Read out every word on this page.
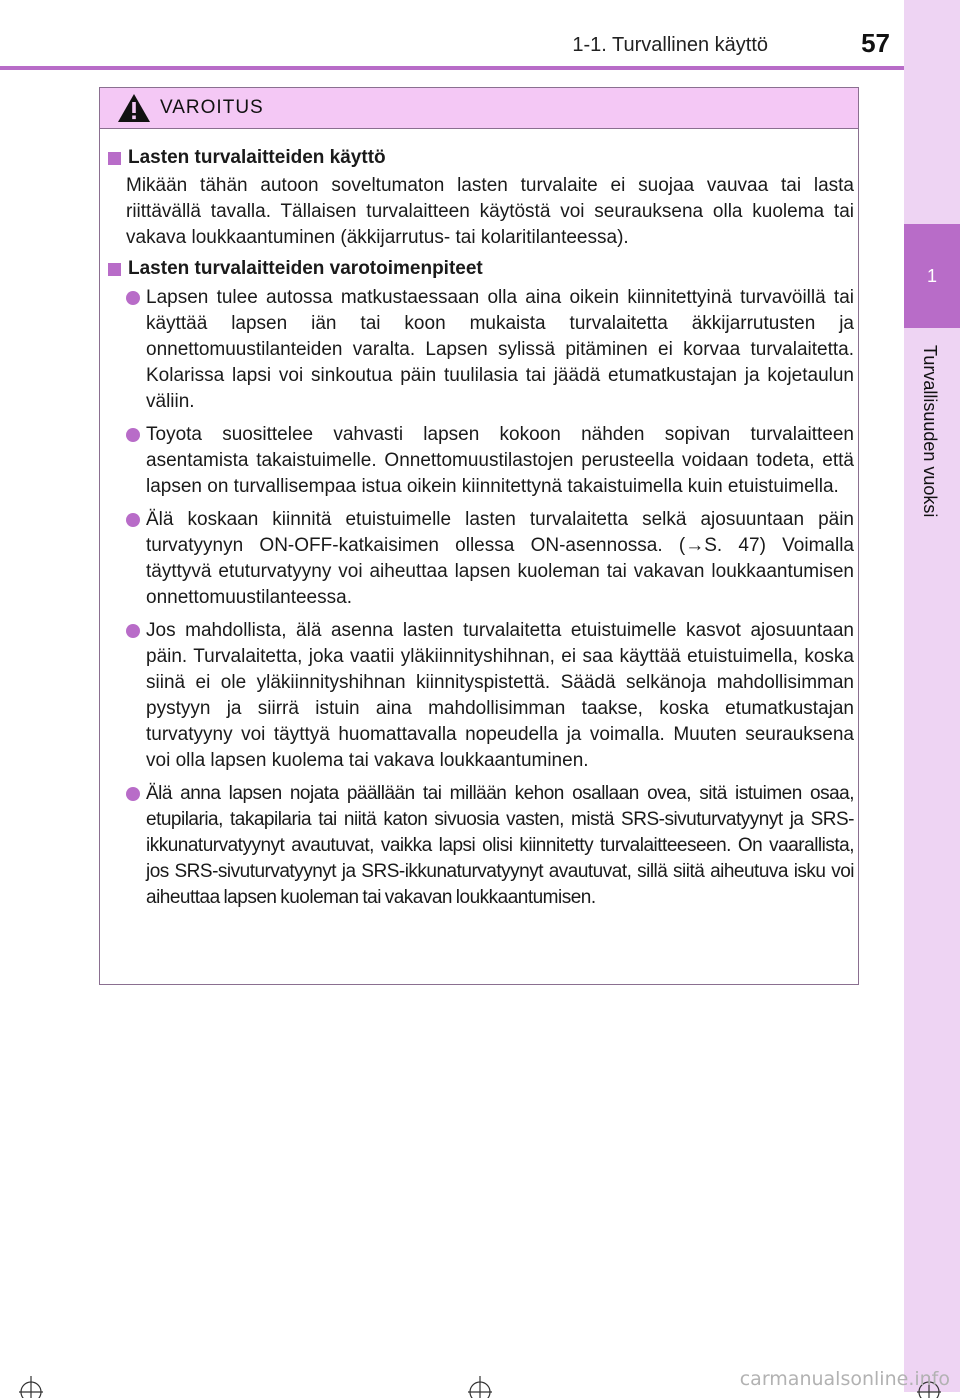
1-1. Turvallinen käyttö	57
1
Turvallisuuden vuoksi
VAROITUS
Lasten turvalaitteiden käyttö
Mikään tähän autoon soveltumaton lasten turvalaite ei suojaa vauvaa tai lasta riittävällä tavalla. Tällaisen turvalaitteen käytöstä voi seurauksena olla kuolema tai vakava loukkaantuminen (äkkijarrutus- tai kolaritilanteessa).
Lasten turvalaitteiden varotoimenpiteet
Lapsen tulee autossa matkustaessaan olla aina oikein kiinnitettyinä turvavöillä tai käyttää lapsen iän tai koon mukaista turvalaitetta äkkijarrutusten ja onnettomuustilanteiden varalta. Lapsen sylissä pitäminen ei korvaa turvalaitetta. Kolarissa lapsi voi sinkoutua päin tuulilasia tai jäädä etumatkustajan ja kojetaulun väliin.
Toyota suosittelee vahvasti lapsen kokoon nähden sopivan turvalaitteen asentamista takaistuimelle. Onnettomuustilastojen perusteella voidaan todeta, että lapsen on turvallisempaa istua oikein kiinnitettynä takaistuimella kuin etuistuimella.
Älä koskaan kiinnitä etuistuimelle lasten turvalaitetta selkä ajosuuntaan päin turvatyynyn ON-OFF-katkaisimen ollessa ON-asennossa. (→S. 47) Voimalla täyttyvä etuturvatyyny voi aiheuttaa lapsen kuoleman tai vakavan loukkaantumisen onnettomuustilanteessa.
Jos mahdollista, älä asenna lasten turvalaitetta etuistuimelle kasvot ajosuuntaan päin. Turvalaitetta, joka vaatii yläkiinnityshihnan, ei saa käyttää etuistuimella, koska siinä ei ole yläkiinnityshihnan kiinnityspistettä. Säädä selkänoja mahdollisimman pystyyn ja siirrä istuin aina mahdollisimman taakse, koska etumatkustajan turvatyyny voi täyttyä huomattavalla nopeudella ja voimalla. Muuten seurauksena voi olla lapsen kuolema tai vakava loukkaantuminen.
Älä anna lapsen nojata päällään tai millään kehon osallaan ovea, sitä istuimen osaa, etupilaria, takapilaria tai niitä katon sivuosia vasten, mistä SRS-sivuturvatyynyt ja SRS-ikkunaturvatyynyt avautuvat, vaikka lapsi olisi kiinnitetty turvalaitteeseen. On vaarallista, jos SRS-sivuturvatyynyt ja SRS-ikkunaturvatyynyt avautuvat, sillä siitä aiheutuva isku voi aiheuttaa lapsen kuoleman tai vakavan loukkaantumisen.
carmanualsonline.info
